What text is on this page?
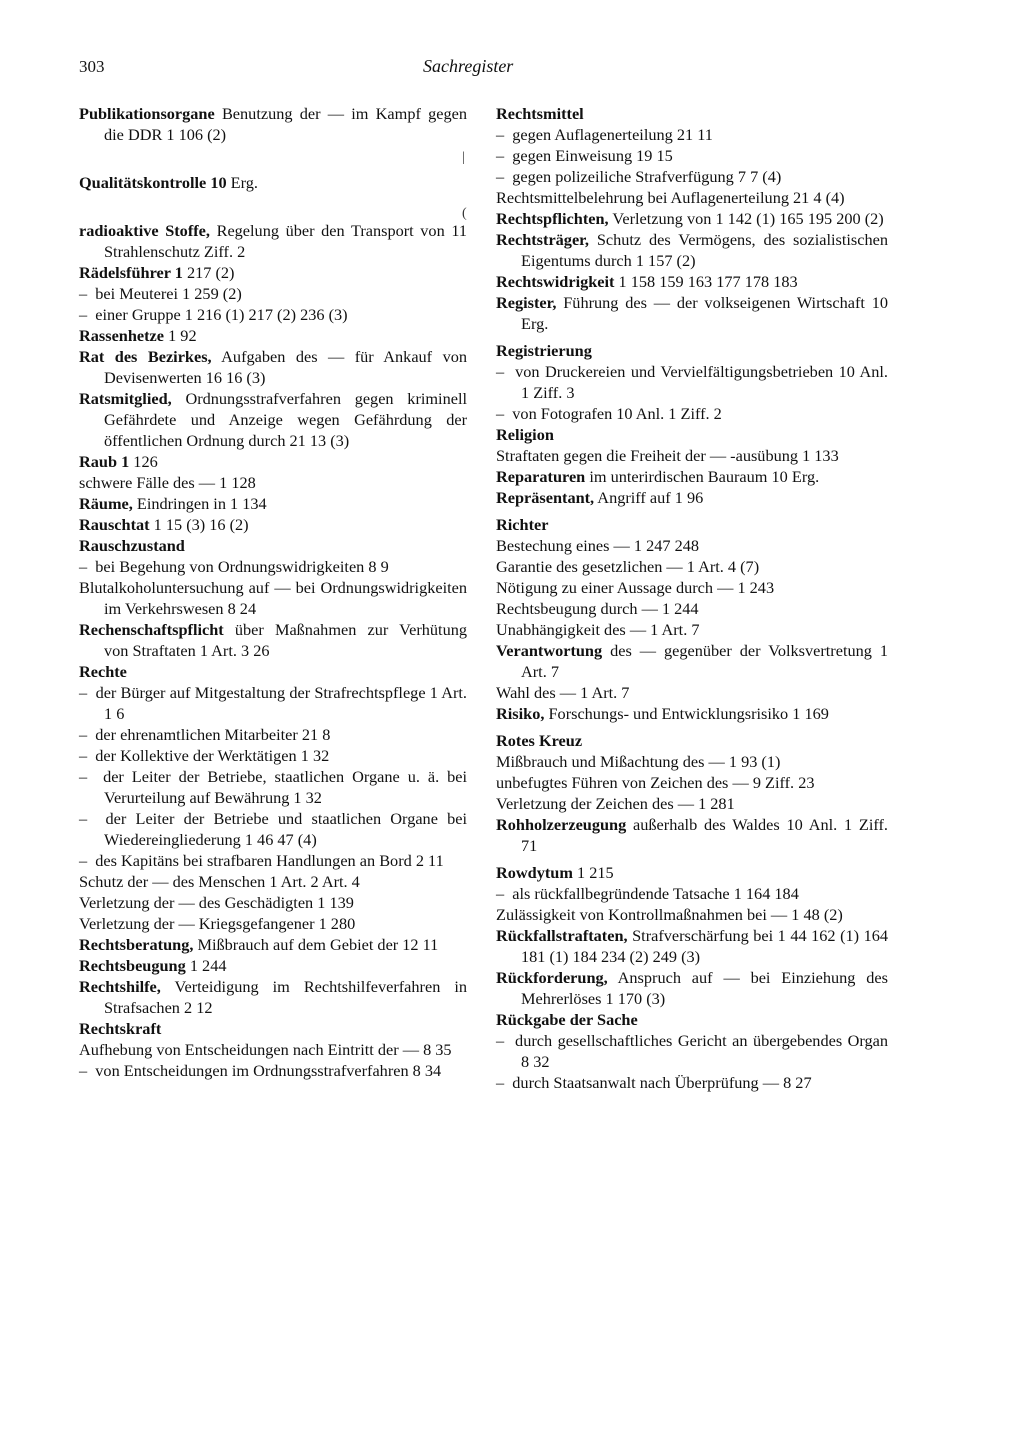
303	Sachregister
|
(
Publikationsorgane Benutzung der — im Kampf gegen die DDR 1 106 (2)
Qualitätskontrolle 10 Erg.
radioaktive Stoffe, Regelung über den Transport von 11 Strahlenschutz Ziff. 2
Rädelsführer 1 217 (2)
–  bei Meuterei 1 259 (2)
–  einer Gruppe 1 216 (1) 217 (2) 236 (3)
Rassenhetze 1 92
Rat des Bezirkes, Aufgaben des — für Ankauf von Devisenwerten 16 16 (3)
Ratsmitglied, Ordnungsstrafverfahren gegen kriminell Gefährdete und Anzeige wegen Gefährdung der öffentlichen Ordnung durch 21 13 (3)
Raub 1 126
schwere Fälle des — 1 128
Räume, Eindringen in 1 134
Rauschtat 1 15 (3) 16 (2)
Rauschzustand
–  bei Begehung von Ordnungswidrigkeiten 8 9
Blutalkoholuntersuchung auf — bei Ordnungswidrigkeiten im Verkehrswesen 8 24
Rechenschaftspflicht über Maßnahmen zur Verhütung von Straftaten 1 Art. 3 26
Rechte
–  der Bürger auf Mitgestaltung der Strafrechtspflege 1 Art. 1 6
–  der ehrenamtlichen Mitarbeiter 21 8
–  der Kollektive der Werktätigen 1 32
–  der Leiter der Betriebe, staatlichen Organe u. ä. bei Verurteilung auf Bewährung 1 32
–  der Leiter der Betriebe und staatlichen Organe bei Wiedereingliederung 1 46 47 (4)
–  des Kapitäns bei strafbaren Handlungen an Bord 2 11
Schutz der — des Menschen 1 Art. 2 Art. 4
Verletzung der — des Geschädigten 1 139
Verletzung der — Kriegsgefangener 1 280
Rechtsberatung, Mißbrauch auf dem Gebiet der 12 11
Rechtsbeugung 1 244
Rechtshilfe, Verteidigung im Rechtshilfeverfahren in Strafsachen 2 12
Rechtskraft
Aufhebung von Entscheidungen nach Eintritt der — 8 35
–  von Entscheidungen im Ordnungsstrafverfahren 8 34
Rechtsmittel
–  gegen Auflagenerteilung 21 11
–  gegen Einweisung 19 15
–  gegen polizeiliche Strafverfügung 7 7 (4)
Rechtsmittelbelehrung bei Auflagenerteilung 21 4 (4)
Rechtspflichten, Verletzung von 1 142 (1) 165 195 200 (2)
Rechtsträger, Schutz des Vermögens, des sozialistischen Eigentums durch 1 157 (2)
Rechtswidrigkeit 1 158 159 163 177 178 183
Register, Führung des — der volkseigenen Wirtschaft 10 Erg.
Registrierung
–  von Druckereien und Vervielfältigungsbetrieben 10 Anl. 1 Ziff. 3
–  von Fotografen 10 Anl. 1 Ziff. 2
Religion
Straftaten gegen die Freiheit der — -ausübung 1 133
Reparaturen im unterirdischen Bauraum 10 Erg.
Repräsentant, Angriff auf 1 96
Richter
Bestechung eines — 1 247 248
Garantie des gesetzlichen — 1 Art. 4 (7)
Nötigung zu einer Aussage durch — 1 243
Rechtsbeugung durch — 1 244
Unabhängigkeit des — 1 Art. 7
Verantwortung des — gegenüber der Volksvertretung 1 Art. 7
Wahl des — 1 Art. 7
Risiko, Forschungs- und Entwicklungsrisiko 1 169
Rotes Kreuz
Mißbrauch und Mißachtung des — 1 93 (1)
unbefugtes Führen von Zeichen des — 9 Ziff. 23
Verletzung der Zeichen des — 1 281
Rohholzerzeugung außerhalb des Waldes 10 Anl. 1 Ziff. 71
Rowdytum 1 215
–  als rückfallbegründende Tatsache 1 164 184
Zulässigkeit von Kontrollmaßnahmen bei — 1 48 (2)
Rückfallstraftaten, Strafverschärfung bei 1 44 162 (1) 164 181 (1) 184 234 (2) 249 (3)
Rückforderung, Anspruch auf — bei Einziehung des Mehrerlöses 1 170 (3)
Rückgabe der Sache
–  durch gesellschaftliches Gericht an übergebendes Organ 8 32
–  durch Staatsanwalt nach Überprüfung — 8 27
